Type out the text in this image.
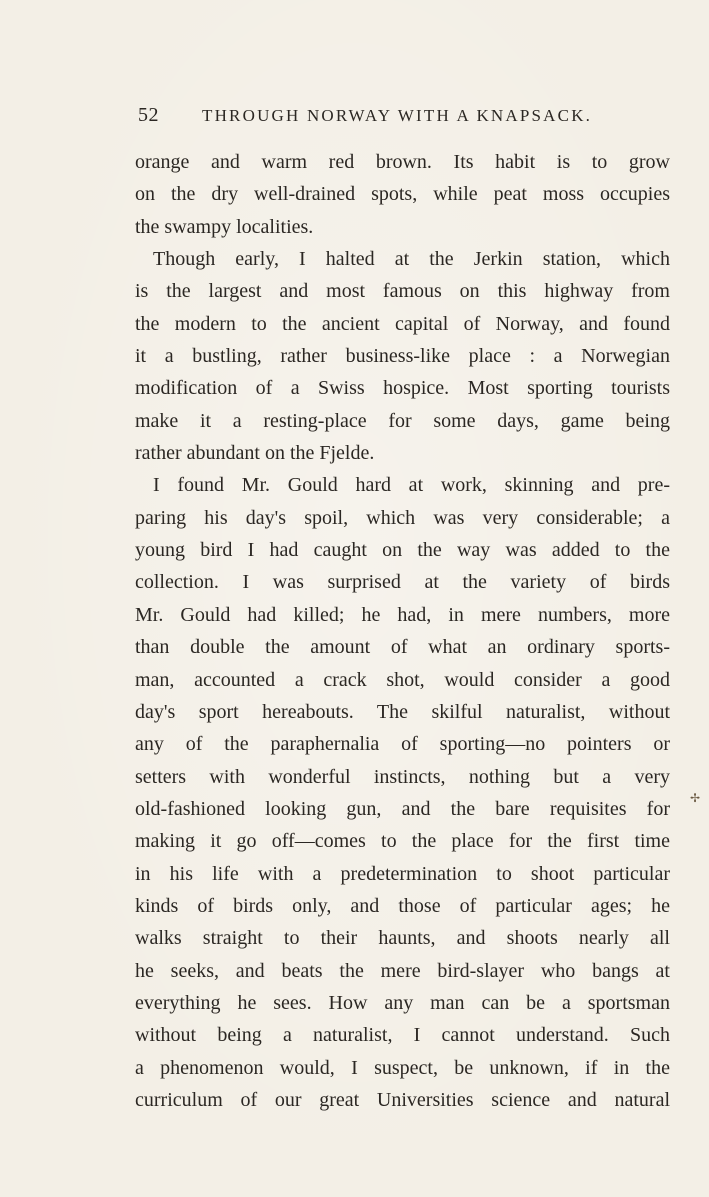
52	THROUGH NORWAY WITH A KNAPSACK.
orange and warm red brown. Its habit is to grow
on the dry well-drained spots, while peat moss occupies
the swampy localities.
Though early, I halted at the Jerkin station, which
is the largest and most famous on this highway from
the modern to the ancient capital of Norway, and found
it a bustling, rather business-like place : a Norwegian
modification of a Swiss hospice. Most sporting tourists
make it a resting-place for some days, game being
rather abundant on the Fjelde.
I found Mr. Gould hard at work, skinning and pre-
paring his day's spoil, which was very considerable; a
young bird I had caught on the way was added to the
collection. I was surprised at the variety of birds
Mr. Gould had killed; he had, in mere numbers, more
than double the amount of what an ordinary sports-
man, accounted a crack shot, would consider a good
day's sport hereabouts. The skilful naturalist, without
any of the paraphernalia of sporting—no pointers or
setters with wonderful instincts, nothing but a very
old-fashioned looking gun, and the bare requisites for
making it go off—comes to the place for the first time
in his life with a predetermination to shoot particular
kinds of birds only, and those of particular ages; he
walks straight to their haunts, and shoots nearly all
he seeks, and beats the mere bird-slayer who bangs at
everything he sees. How any man can be a sportsman
without being a naturalist, I cannot understand. Such
a phenomenon would, I suspect, be unknown, if in the
curriculum of our great Universities science and natural
✢
